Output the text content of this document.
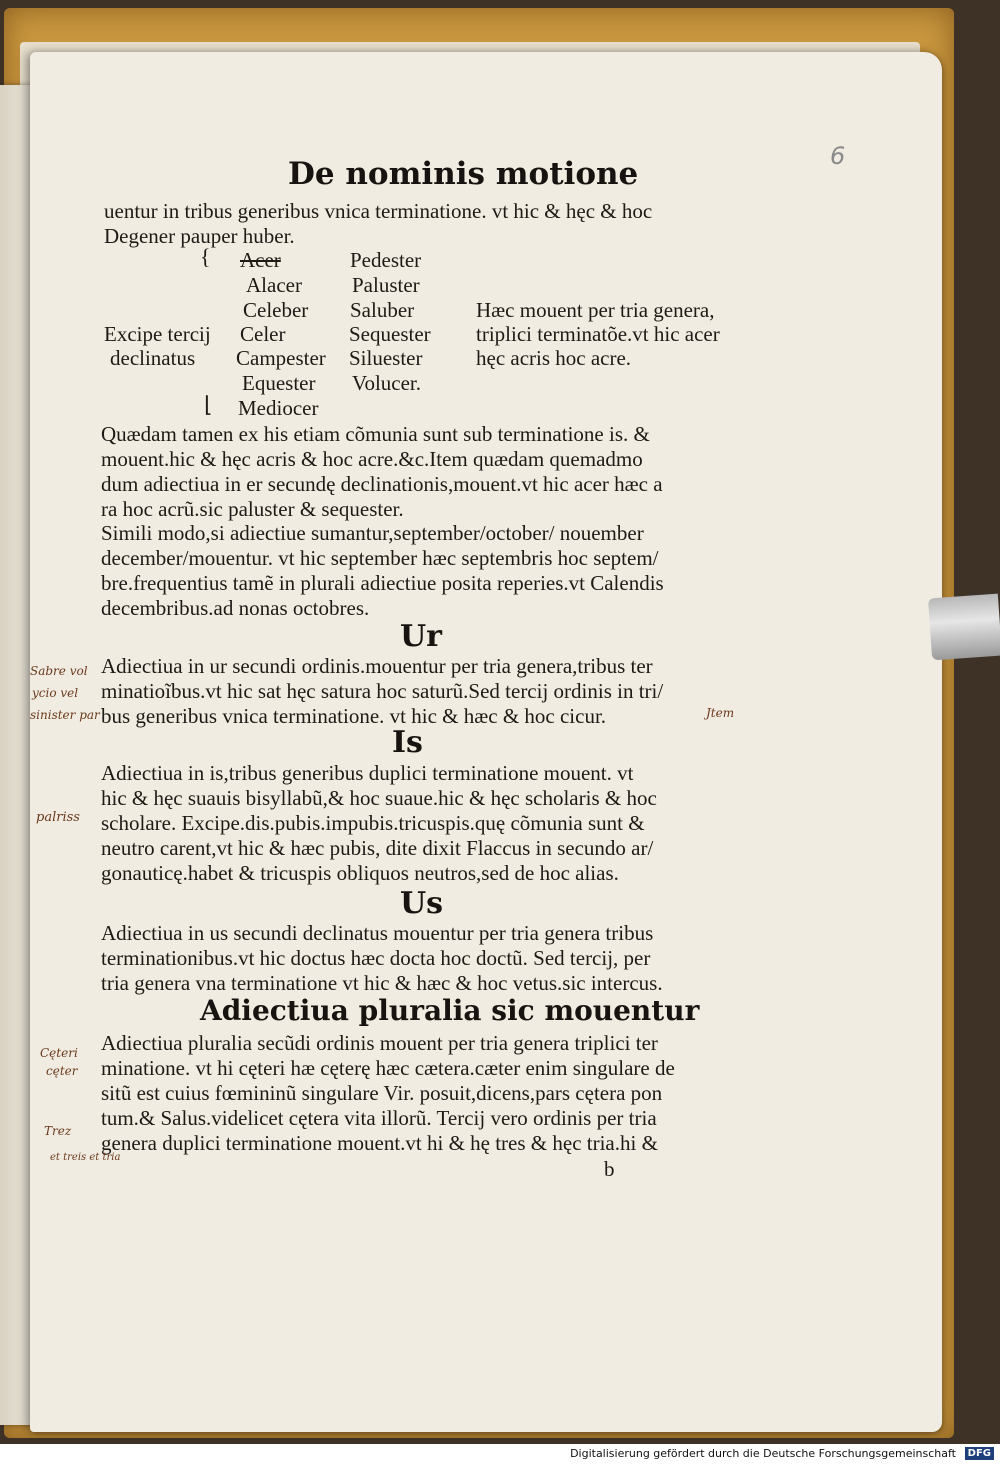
6
De nominis motione
uentur in tribus generibus vnica terminatione. vt hic & hęc & hoc
Degener pauper huber.
{ Acer
Alacer
Celeber
Celer
Campester
Equester
⌊ Mediocer
Pedester
Paluster
Saluber
Sequester
Siluester
Volucer.
Excipe tercij
declinatus
Hæc mouent per tria genera,
triplici terminatõe.vt hic acer
hęc acris hoc acre.
Quædam tamen ex his etiam cõmunia sunt sub terminatione is. &
mouent.hic & hęc acris & hoc acre.&c.Item quædam quemadmo
dum adiectiua in er secundę declinationis,mouent.vt hic acer hæc a
ra hoc acrũ.sic paluster & sequester.
Simili modo,si adiectiue sumantur,september/october/ nouember
december/mouentur. vt hic september hæc septembris hoc septem/
bre.frequentius tamẽ in plurali adiectiue posita reperies.vt Calendis
decembribus.ad nonas octobres.
Ur
Adiectiua in ur secundi ordinis.mouentur per tria genera,tribus ter
minatioĩbus.vt hic sat hęc satura hoc saturũ.Sed tercij ordinis in tri/
bus generibus vnica terminatione. vt hic & hæc & hoc cicur.
Is
Adiectiua in is,tribus generibus duplici terminatione mouent. vt
hic & hęc suauis bisyllabũ,& hoc suaue.hic & hęc scholaris & hoc
scholare. Excipe.dis.pubis.impubis.tricuspis.quę cõmunia sunt &
neutro carent,vt hic & hæc pubis, dite dixit Flaccus in secundo ar/
gonauticę.habet & tricuspis obliquos neutros,sed de hoc alias.
Us
Adiectiua in us secundi declinatus mouentur per tria genera tribus
terminationibus.vt hic doctus hæc docta hoc doctũ. Sed tercij, per
tria genera vna terminatione vt hic & hæc & hoc vetus.sic intercus.
Adiectiua pluralia sic mouentur
Adiectiua pluralia secũdi ordinis mouent per tria genera triplici ter
minatione. vt hi cęteri hæ cęterę hæc cætera.cæter enim singulare de
sitũ est cuius fœmininũ singulare Vir. posuit,dicens,pars cętera pon
tum.& Salus.videlicet cętera vita illorũ. Tercij vero ordinis per tria
genera duplici terminatione mouent.vt hi & hę tres & hęc tria.hi &
b
Sabre vol
ycio vel
sinister par
palriss
Cęteri
cęter
Trez
et treis et tria
Jtem
Digitalisierung gefördert durch die Deutsche Forschungsgemeinschaft	DFG
